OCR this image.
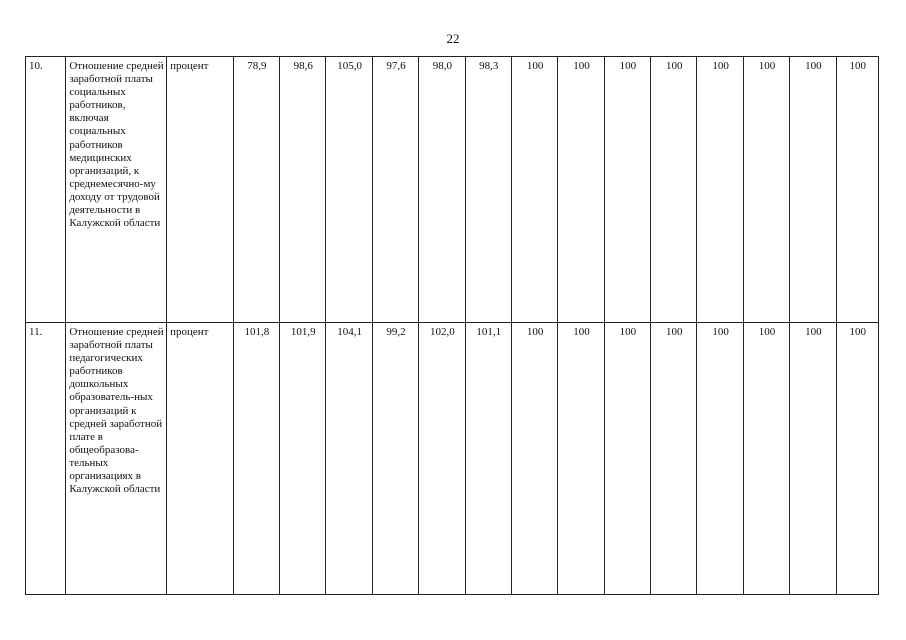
22
10.	Отношение средней заработной платы социальных работников, включая социальных работников медицинских организаций, к среднемесячно-му доходу от трудовой деятельности в Калужской области	процент	78,9	98,6	105,0	97,6	98,0	98,3	100	100	100	100	100	100	100	100
11.	Отношение средней заработной платы педагогических работников дошкольных образователь-ных организаций к средней заработной плате в общеобразова-тельных организациях в Калужской области	процент	101,8	101,9	104,1	99,2	102,0	101,1	100	100	100	100	100	100	100	100
